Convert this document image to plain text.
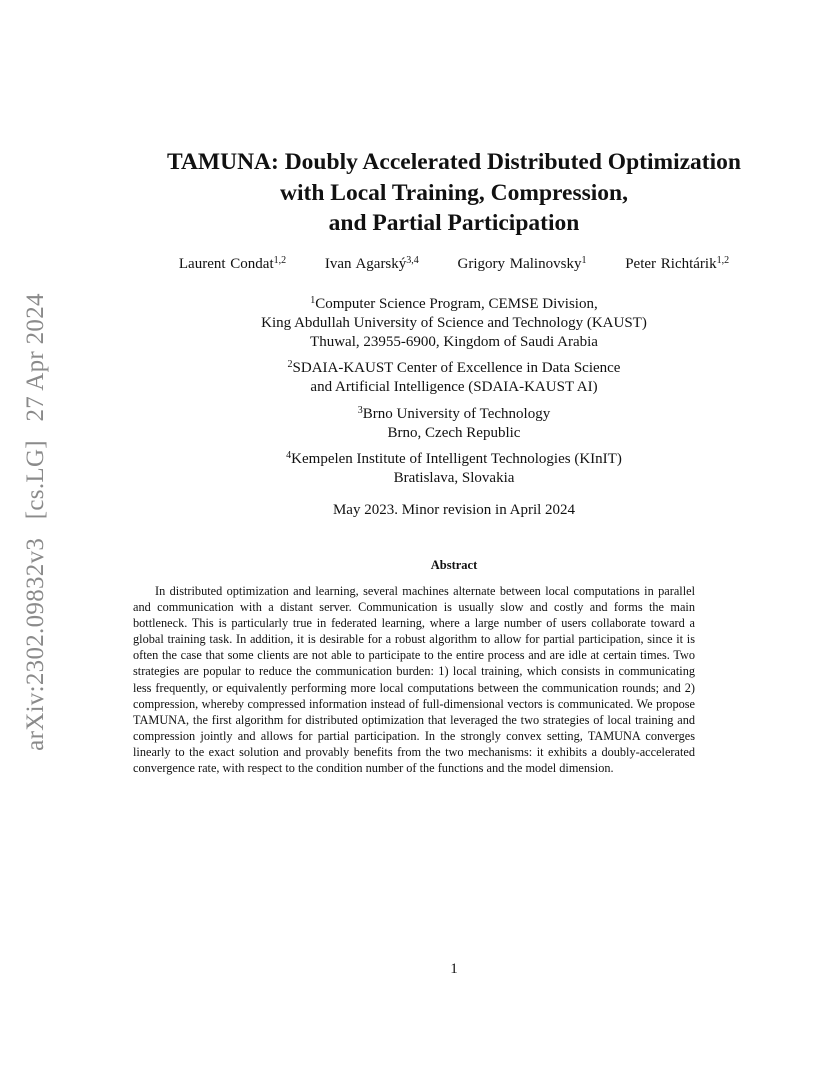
arXiv:2302.09832v3 [cs.LG] 27 Apr 2024
TAMUNA: Doubly Accelerated Distributed Optimization
with Local Training, Compression,
and Partial Participation
Laurent Condat$^{1,2}$	Ivan Agarský$^{3,4}$	Grigory Malinovsky$^1$	Peter Richtárik$^{1,2}$
$^1$Computer Science Program, CEMSE Division,
King Abdullah University of Science and Technology (KAUST)
Thuwal, 23955-6900, Kingdom of Saudi Arabia
$^2$SDAIA-KAUST Center of Excellence in Data Science
and Artificial Intelligence (SDAIA-KAUST AI)
$^3$Brno University of Technology
Brno, Czech Republic
$^4$Kempelen Institute of Intelligent Technologies (KInIT)
Bratislava, Slovakia
May 2023. Minor revision in April 2024
Abstract
In distributed optimization and learning, several machines alternate between local computations in parallel and communication with a distant server. Communication is usually slow and costly and forms the main bottleneck. This is particularly true in federated learning, where a large number of users collaborate toward a global training task. In addition, it is desirable for a robust algorithm to allow for partial participation, since it is often the case that some clients are not able to participate to the entire process and are idle at certain times. Two strategies are popular to reduce the communication burden: 1) local training, which consists in communicating less frequently, or equivalently performing more local computations between the communication rounds; and 2) compression, whereby compressed information instead of full-dimensional vectors is communicated. We propose TAMUNA, the first algorithm for distributed optimization that leveraged the two strategies of local training and compression jointly and allows for partial participation. In the strongly convex setting, TAMUNA converges linearly to the exact solution and provably benefits from the two mechanisms: it exhibits a doubly-accelerated convergence rate, with respect to the condition number of the functions and the model dimension.
1
